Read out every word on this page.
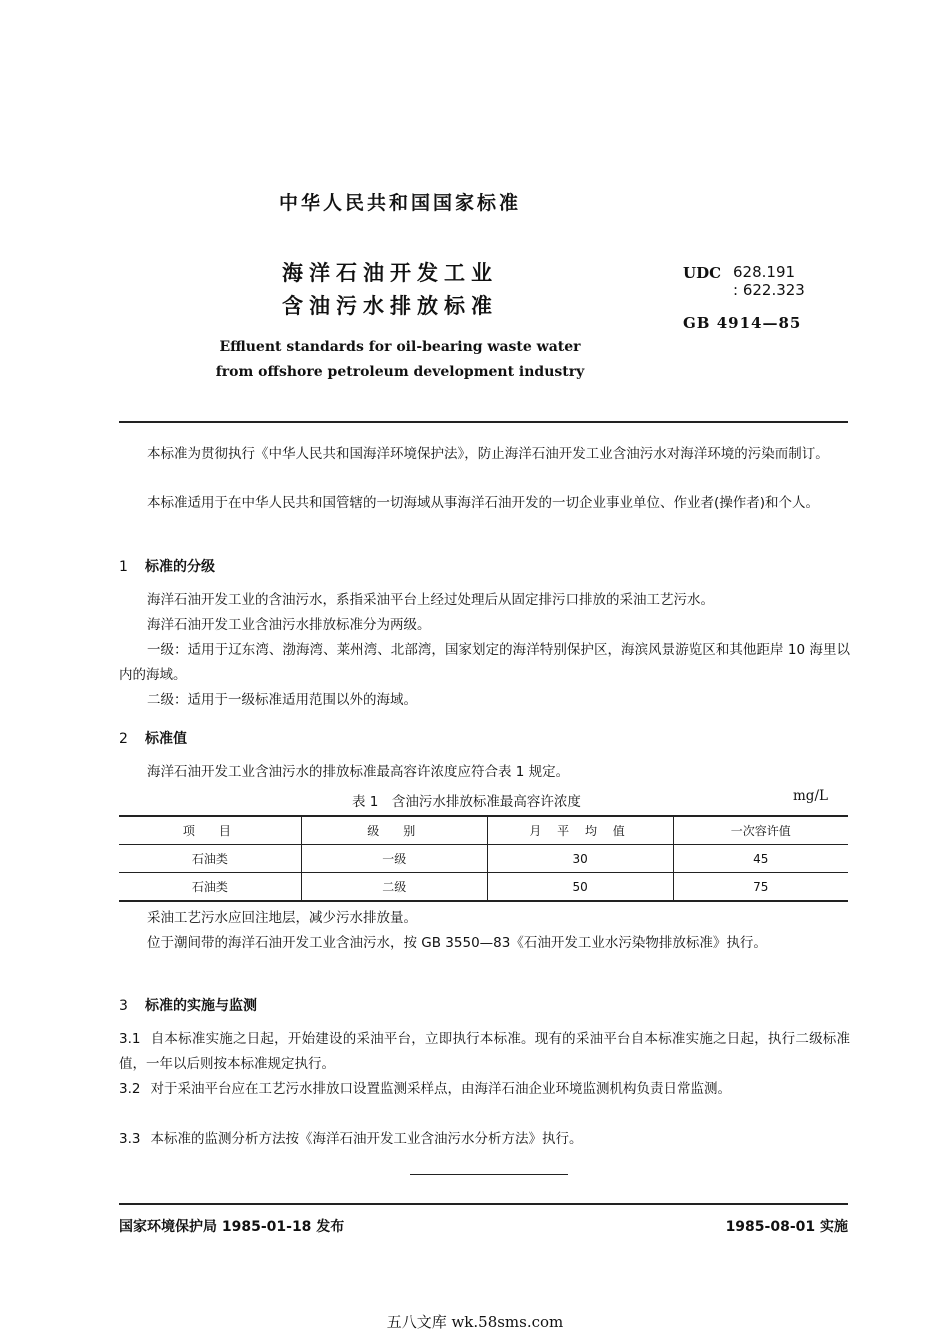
中华人民共和国国家标准
海洋石油开发工业
含油污水排放标准
UDC 628.191
: 622.323
GB 4914—85
Effluent standards for oil-bearing waste water
from offshore petroleum development industry
本标准为贯彻执行《中华人民共和国海洋环境保护法》，防止海洋石油开发工业含油污水对海洋环境的污染而制订。
本标准适用于在中华人民共和国管辖的一切海域从事海洋石油开发的一切企业事业单位、作业者(操作者)和个人。
1 标准的分级
海洋石油开发工业的含油污水，系指采油平台上经过处理后从固定排污口排放的采油工艺污水。
海洋石油开发工业含油污水排放标准分为两级。
一级：适用于辽东湾、渤海湾、莱州湾、北部湾，国家划定的海洋特别保护区，海滨风景游览区和其他距岸 10 海里以内的海域。
二级：适用于一级标准适用范围以外的海域。
2 标准值
海洋石油开发工业含油污水的排放标准最高容许浓度应符合表 1 规定。
表 1　含油污水排放标准最高容许浓度	mg/L
项　目	级　别	月 平 均 值	一次容许值
石油类	一级	30	45
石油类	二级	50	75
采油工艺污水应回注地层，减少污水排放量。
位于潮间带的海洋石油开发工业含油污水，按 GB 3550—83《石油开发工业水污染物排放标准》执行。
3 标准的实施与监测
3.1 自本标准实施之日起，开始建设的采油平台，立即执行本标准。现有的采油平台自本标准实施之日起，执行二级标准值，一年以后则按本标准规定执行。
3.2 对于采油平台应在工艺污水排放口设置监测采样点，由海洋石油企业环境监测机构负责日常监测。
3.3 本标准的监测分析方法按《海洋石油开发工业含油污水分析方法》执行。
国家环境保护局 1985-01-18 发布	1985-08-01 实施
五八文库 wk.58sms.com
